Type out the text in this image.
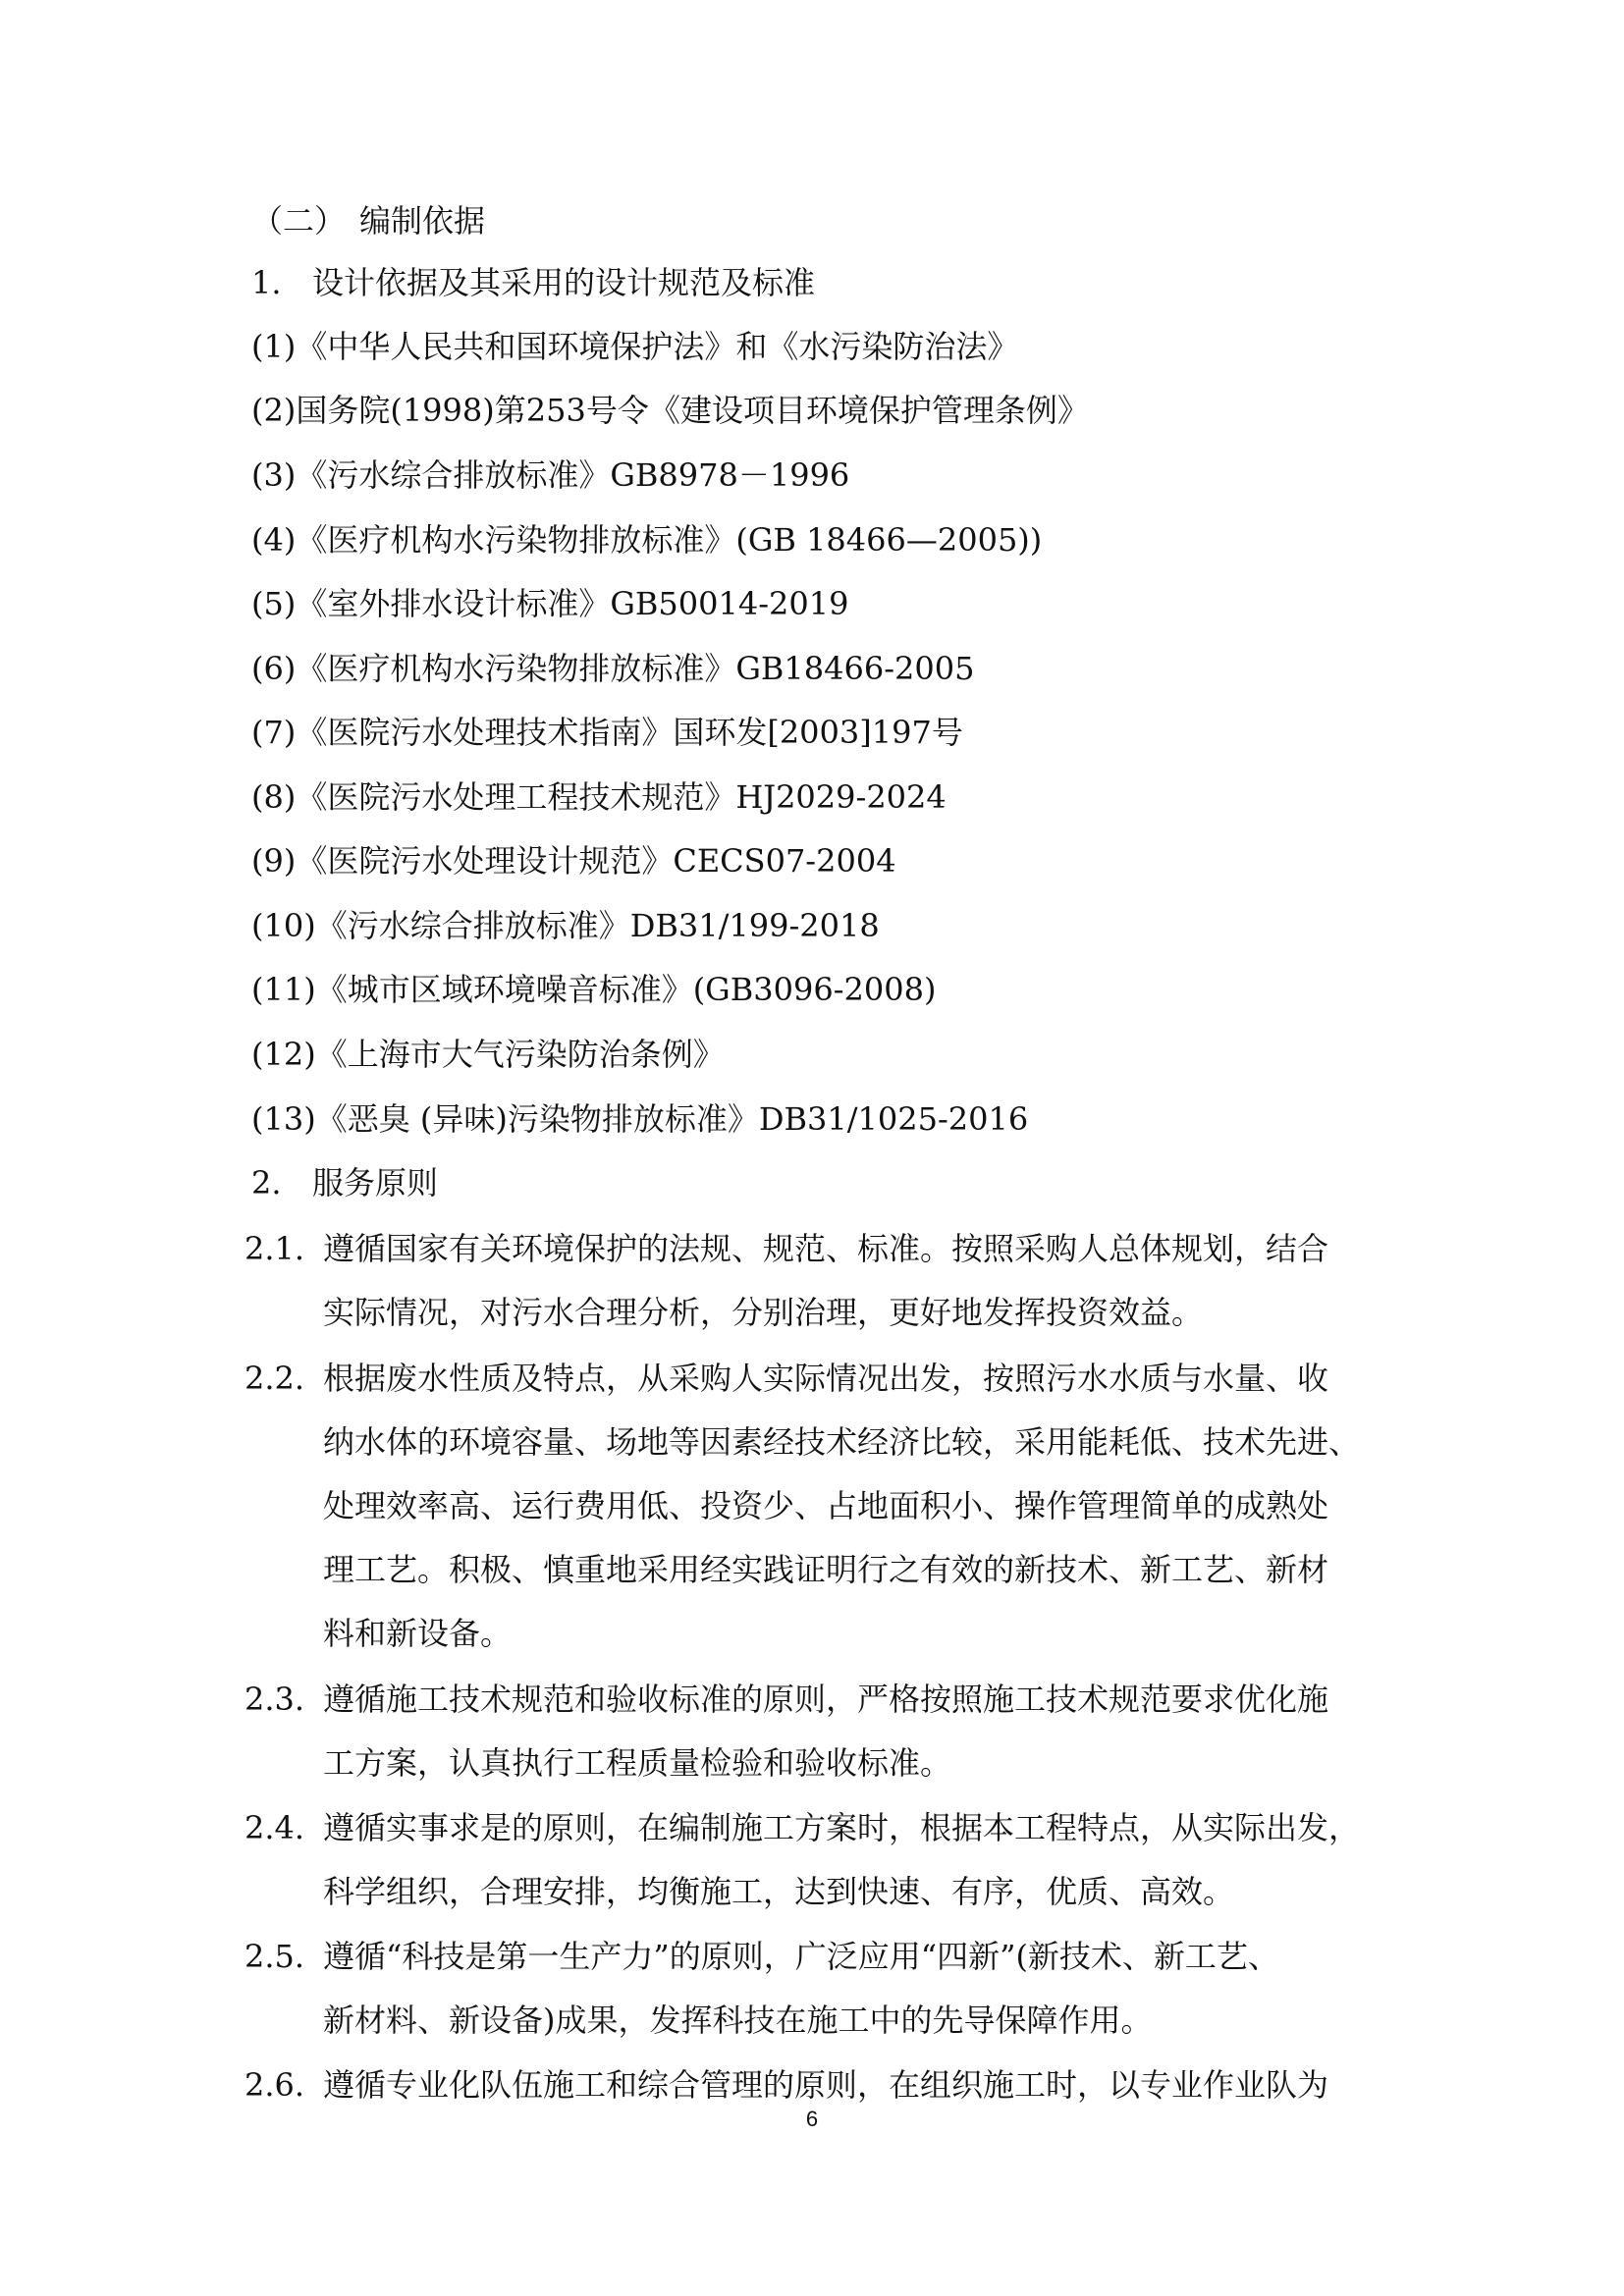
（二） 编制依据
1. 设计依据及其采用的设计规范及标准
(1)《中华人民共和国环境保护法》和《水污染防治法》
(2)国务院(1998)第253号令《建设项目环境保护管理条例》
(3)《污水综合排放标准》GB8978－1996
(4)《医疗机构水污染物排放标准》(GB 18466—2005))
(5)《室外排水设计标准》GB50014-2019
(6)《医疗机构水污染物排放标准》GB18466-2005
(7)《医院污水处理技术指南》国环发[2003]197号
(8)《医院污水处理工程技术规范》HJ2029-2024
(9)《医院污水处理设计规范》CECS07-2004
(10)《污水综合排放标准》DB31/199-2018
(11)《城市区域环境噪音标准》(GB3096-2008)
(12)《上海市大气污染防治条例》
(13)《恶臭 (异味)污染物排放标准》DB31/1025-2016
2. 服务原则
2.1. 遵循国家有关环境保护的法规、规范、标准。按照采购人总体规划，结合
实际情况，对污水合理分析，分别治理，更好地发挥投资效益。
2.2. 根据废水性质及特点，从采购人实际情况出发，按照污水水质与水量、收
纳水体的环境容量、场地等因素经技术经济比较，采用能耗低、技术先进、
处理效率高、运行费用低、投资少、占地面积小、操作管理简单的成熟处
理工艺。积极、慎重地采用经实践证明行之有效的新技术、新工艺、新材
料和新设备。
2.3. 遵循施工技术规范和验收标准的原则，严格按照施工技术规范要求优化施
工方案，认真执行工程质量检验和验收标准。
2.4. 遵循实事求是的原则，在编制施工方案时，根据本工程特点，从实际出发，
科学组织，合理安排，均衡施工，达到快速、有序，优质、高效。
2.5. 遵循“科技是第一生产力”的原则，广泛应用“四新”(新技术、新工艺、
新材料、新设备)成果，发挥科技在施工中的先导保障作用。
2.6. 遵循专业化队伍施工和综合管理的原则，在组织施工时，以专业作业队为
6
